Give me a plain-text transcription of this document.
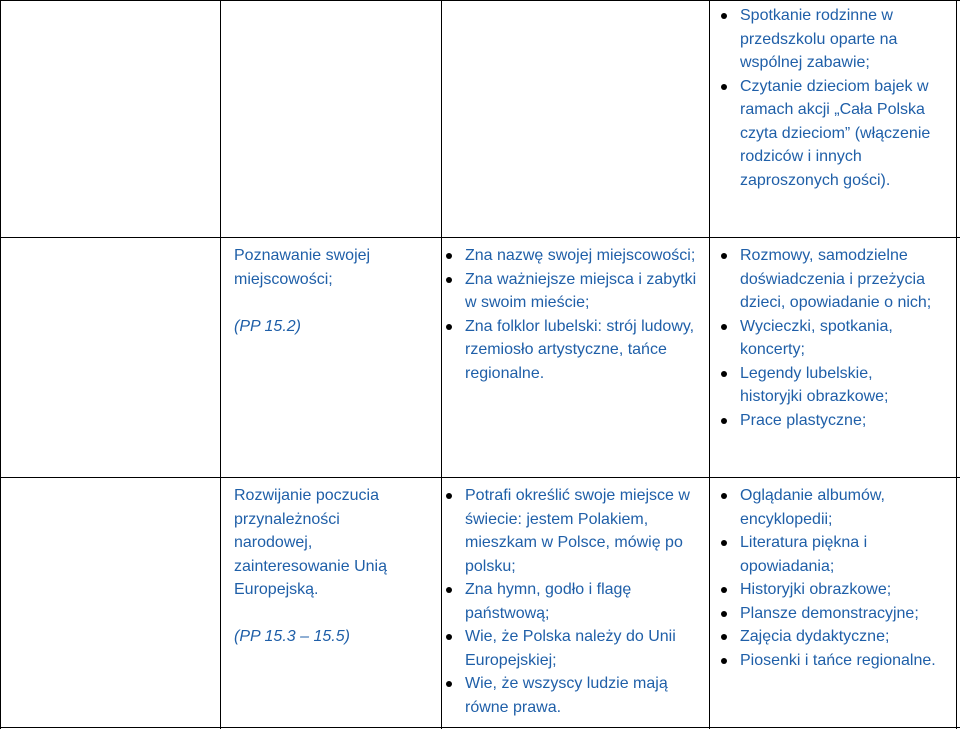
Spotkanie rodzinne w przedszkolu oparte na wspólnej zabawie;
Czytanie dzieciom bajek w ramach akcji „Cała Polska czyta dzieciom” (włączenie rodziców i innych zaproszonych gości).
Poznawanie swojej miejscowości;
(PP 15.2)
Zna nazwę swojej miejscowości;
Zna ważniejsze miejsca i zabytki w swoim mieście;
Zna folklor lubelski: strój ludowy, rzemiosło artystyczne, tańce regionalne.
Rozmowy, samodzielne doświadczenia i przeżycia dzieci, opowiadanie o nich;
Wycieczki, spotkania, koncerty;
Legendy lubelskie, historyjki obrazkowe;
Prace plastyczne;
Rozwijanie poczucia przynależności narodowej, zainteresowanie Unią Europejską.
(PP 15.3 – 15.5)
Potrafi określić swoje miejsce w świecie: jestem Polakiem, mieszkam w Polsce, mówię po polsku;
Zna hymn, godło i flagę państwową;
Wie, że Polska należy do Unii Europejskiej;
Wie, że wszyscy ludzie mają równe prawa.
Oglądanie albumów, encyklopedii;
Literatura piękna i opowiadania;
Historyjki obrazkowe;
Plansze demonstracyjne;
Zajęcia dydaktyczne;
Piosenki i tańce regionalne.
